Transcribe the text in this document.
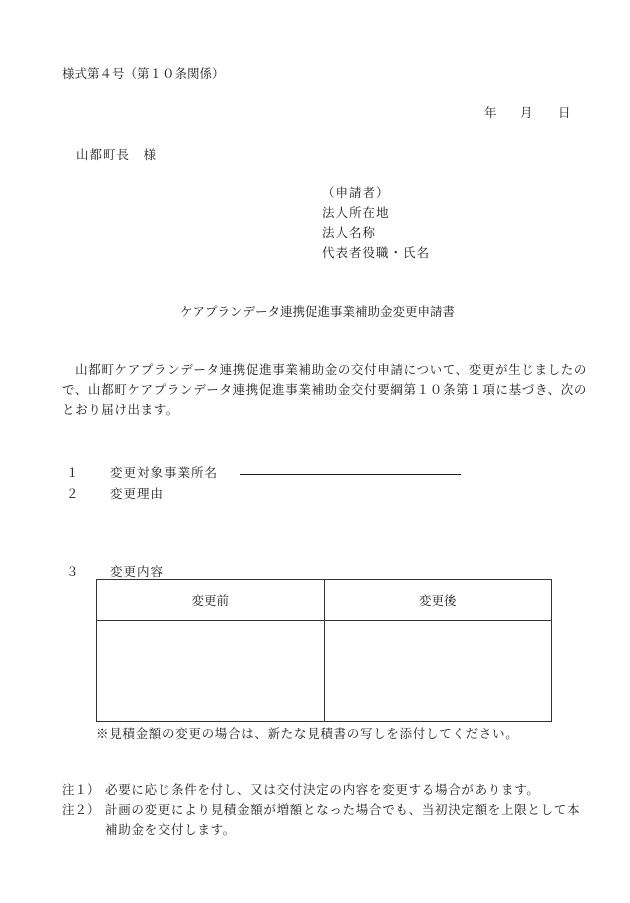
様式第４号（第１０条関係）
年 月 日
山都町長　様
（申請者）
法人所在地
法人名称
代表者役職・氏名
ケアプランデータ連携促進事業補助金変更申請書
　山都町ケアプランデータ連携促進事業補助金の交付申請について、変更が生じましたので、山都町ケアプランデータ連携促進事業補助金交付要綱第１０条第１項に基づき、次のとおり届け出ます。
１	変更対象事業所名
２	変更理由
３	変更内容
変更前	変更後

※見積金額の変更の場合は、新たな見積書の写しを添付してください。
注１） 必要に応じ条件を付し、又は交付決定の内容を変更する場合があります。
注２） 計画の変更により見積金額が増額となった場合でも、当初決定額を上限として本補助金を交付します。
